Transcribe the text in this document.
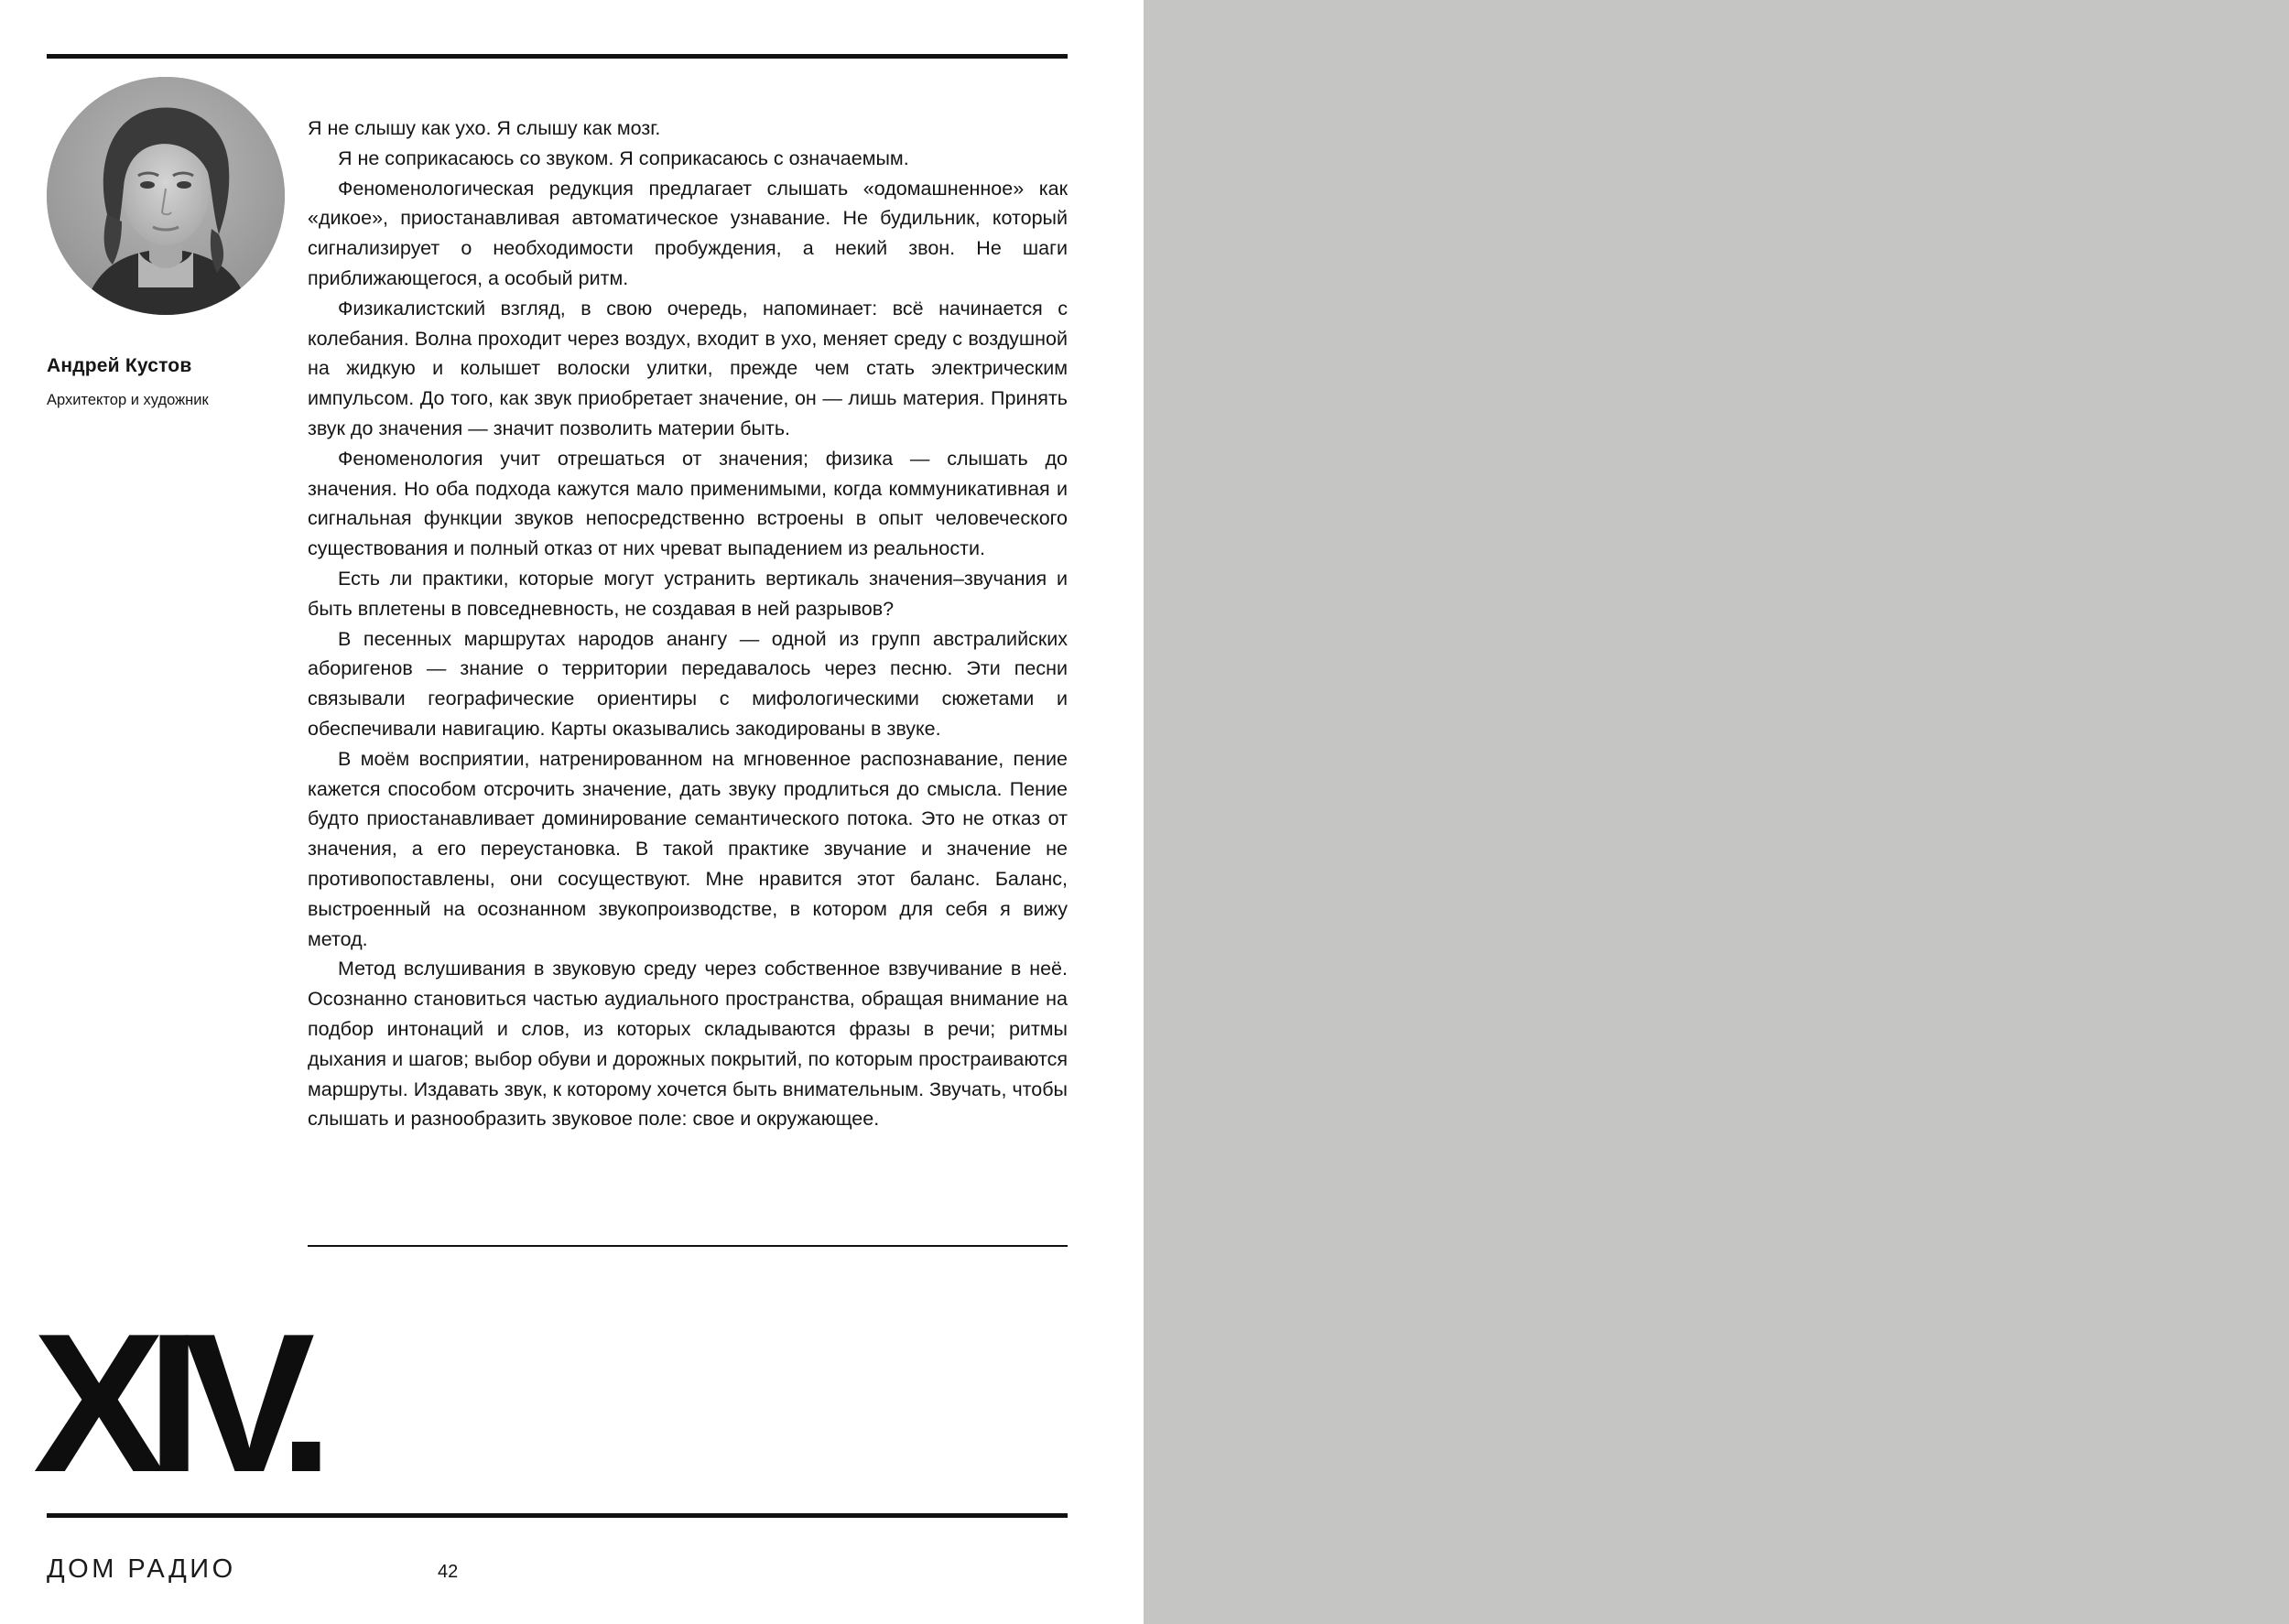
Андрей Кустов
Архитектор и художник

Я не слышу как ухо. Я слышу как мозг.

Я не соприкасаюсь со звуком. Я соприкасаюсь с означаемым.

Феноменологическая редукция предлагает слышать «одомашненное» как «дикое», приостанавливая автоматическое узнавание. Не будильник, который сигнализирует о необходимости пробуждения, а некий звон. Не шаги приближающегося, а особый ритм.

Физикалистский взгляд, в свою очередь, напоминает: всё начинается с колебания. Волна проходит через воздух, входит в ухо, меняет среду с воздушной на жидкую и колышет волоски улитки, прежде чем стать электрическим импульсом. До того, как звук приобретает значение, он — лишь материя. Принять звук до значения — значит позволить материи быть.

Феноменология учит отрешаться от значения; физика — слышать до значения. Но оба подхода кажутся мало применимыми, когда коммуникативная и сигнальная функции звуков непосредственно встроены в опыт человеческого существования и полный отказ от них чреват выпадением из реальности.

Есть ли практики, которые могут устранить вертикаль значения–звучания и быть вплетены в повседневность, не создавая в ней разрывов?

В песенных маршрутах народов анангу — одной из групп австралийских аборигенов — знание о территории передавалось через песню. Эти песни связывали географические ориентиры с мифологическими сюжетами и обеспечивали навигацию. Карты оказывались закодированы в звуке.

В моём восприятии, натренированном на мгновенное распознавание, пение кажется способом отсрочить значение, дать звуку продлиться до смысла. Пение будто приостанавливает доминирование семантического потока. Это не отказ от значения, а его переустановка. В такой практике звучание и значение не противопоставлены, они сосуществуют. Мне нравится этот баланс. Баланс, выстроенный на осознанном звукопроизводстве, в котором для себя я вижу метод.

Метод вслушивания в звуковую среду через собственное взвучивание в неё. Осознанно становиться частью аудиального пространства, обращая внимание на подбор интонаций и слов, из которых складываются фразы в речи; ритмы дыхания и шагов; выбор обуви и дорожных покрытий, по которым простраиваются маршруты. Издавать звук, к которому хочется быть внимательным. Звучать, чтобы слышать и разнообразить звуковое поле: свое и окружающее.

XIV.
ДОМ РАДИО	42
